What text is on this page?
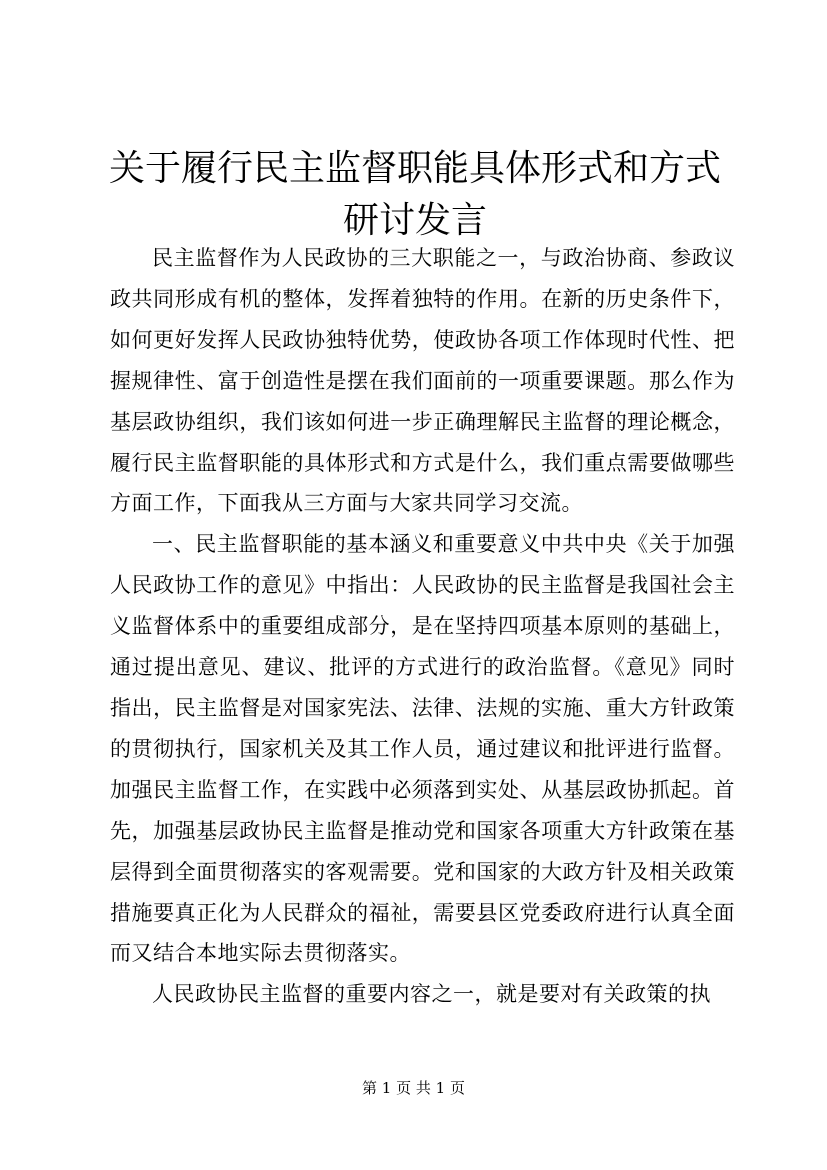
关于履行民主监督职能具体形式和方式研讨发言

民主监督作为人民政协的三大职能之一，与政治协商、参政议政共同形成有机的整体，发挥着独特的作用。在新的历史条件下，如何更好发挥人民政协独特优势，使政协各项工作体现时代性、把握规律性、富于创造性是摆在我们面前的一项重要课题。那么作为基层政协组织，我们该如何进一步正确理解民主监督的理论概念，履行民主监督职能的具体形式和方式是什么，我们重点需要做哪些方面工作，下面我从三方面与大家共同学习交流。

一、民主监督职能的基本涵义和重要意义中共中央《关于加强人民政协工作的意见》中指出：人民政协的民主监督是我国社会主义监督体系中的重要组成部分，是在坚持四项基本原则的基础上，通过提出意见、建议、批评的方式进行的政治监督。《意见》同时指出，民主监督是对国家宪法、法律、法规的实施、重大方针政策的贯彻执行，国家机关及其工作人员，通过建议和批评进行监督。加强民主监督工作，在实践中必须落到实处、从基层政协抓起。首先，加强基层政协民主监督是推动党和国家各项重大方针政策在基层得到全面贯彻落实的客观需要。党和国家的大政方针及相关政策措施要真正化为人民群众的福祉，需要县区党委政府进行认真全面而又结合本地实际去贯彻落实。

人民政协民主监督的重要内容之一，就是要对有关政策的执

第 1 页 共 1 页
